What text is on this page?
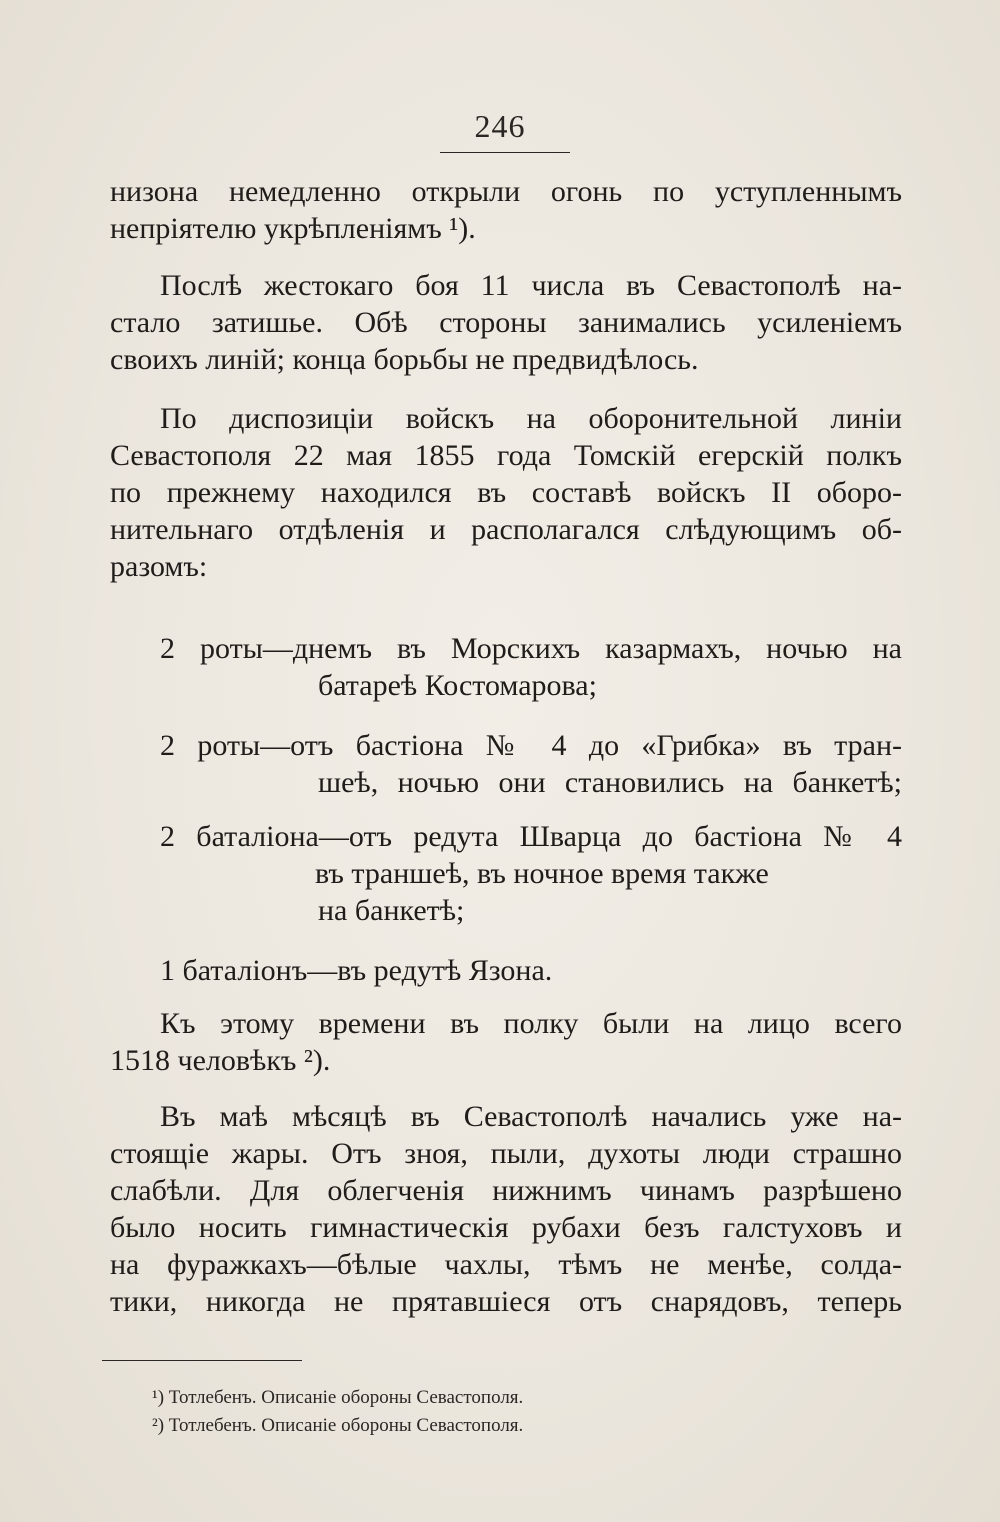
246
низона немедленно открыли огонь по уступленнымъ
непріятелю укрѣпленіямъ ¹).
Послѣ жестокаго боя 11 числа въ Севастополѣ на-
стало затишье. Обѣ стороны занимались усиленіемъ
своихъ линій; конца борьбы не предвидѣлось.
По диспозиціи войскъ на оборонительной линіи
Севастополя 22 мая 1855 года Томскій егерскій полкъ
по прежнему находился въ составѣ войскъ II оборо-
нительнаго отдѣленія и располагался слѣдующимъ об-
разомъ:
2 роты—днемъ въ Морскихъ казармахъ, ночью на
батареѣ Костомарова;
2 роты—отъ бастіона № 4 до «Грибка» въ тран-
шеѣ, ночью они становились на банкетѣ;
2 баталіона—отъ редута Шварца до бастіона № 4
въ траншеѣ, въ ночное время также
на банкетѣ;
1 баталіонъ—въ редутѣ Язона.
Къ этому времени въ полку были на лицо всего
1518 человѣкъ ²).
Въ маѣ мѣсяцѣ въ Севастополѣ начались уже на-
стоящіе жары. Отъ зноя, пыли, духоты люди страшно
слабѣли. Для облегченія нижнимъ чинамъ разрѣшено
было носить гимнастическія рубахи безъ галстуховъ и
на фуражкахъ—бѣлые чахлы, тѣмъ не менѣе, солда-
тики, никогда не прятавшіеся отъ снарядовъ, теперь
¹) Тотлебенъ. Описаніе обороны Севастополя.
²) Тотлебенъ. Описаніе обороны Севастополя.
